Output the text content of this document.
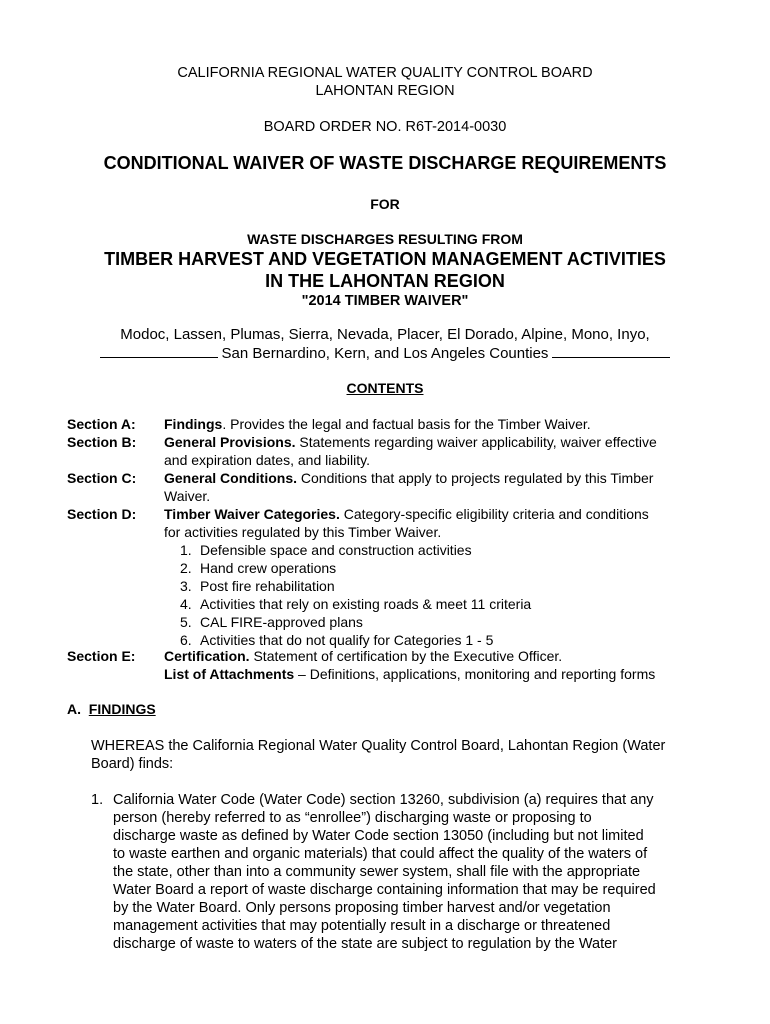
CALIFORNIA REGIONAL WATER QUALITY CONTROL BOARD
LAHONTAN REGION
BOARD ORDER NO. R6T-2014-0030
CONDITIONAL WAIVER OF WASTE DISCHARGE REQUIREMENTS
FOR
WASTE DISCHARGES RESULTING FROM
TIMBER HARVEST AND VEGETATION MANAGEMENT ACTIVITIES
IN THE LAHONTAN REGION
"2014 TIMBER WAIVER"
Modoc, Lassen, Plumas, Sierra, Nevada, Placer, El Dorado, Alpine, Mono, Inyo,
San Bernardino, Kern, and Los Angeles Counties
CONTENTS
Section A: Findings. Provides the legal and factual basis for the Timber Waiver.
Section B: General Provisions. Statements regarding waiver applicability, waiver effective
and expiration dates, and liability.
Section C: General Conditions. Conditions that apply to projects regulated by this Timber
Waiver.
Section D: Timber Waiver Categories. Category-specific eligibility criteria and conditions
for activities regulated by this Timber Waiver.
1. Defensible space and construction activities
2. Hand crew operations
3. Post fire rehabilitation
4. Activities that rely on existing roads & meet 11 criteria
5. CAL FIRE-approved plans
6. Activities that do not qualify for Categories 1 - 5
Section E: Certification. Statement of certification by the Executive Officer.
List of Attachments – Definitions, applications, monitoring and reporting forms
A. FINDINGS
WHEREAS the California Regional Water Quality Control Board, Lahontan Region (Water
Board) finds:
1. California Water Code (Water Code) section 13260, subdivision (a) requires that any
person (hereby referred to as “enrollee”) discharging waste or proposing to
discharge waste as defined by Water Code section 13050 (including but not limited
to waste earthen and organic materials) that could affect the quality of the waters of
the state, other than into a community sewer system, shall file with the appropriate
Water Board a report of waste discharge containing information that may be required
by the Water Board. Only persons proposing timber harvest and/or vegetation
management activities that may potentially result in a discharge or threatened
discharge of waste to waters of the state are subject to regulation by the Water
